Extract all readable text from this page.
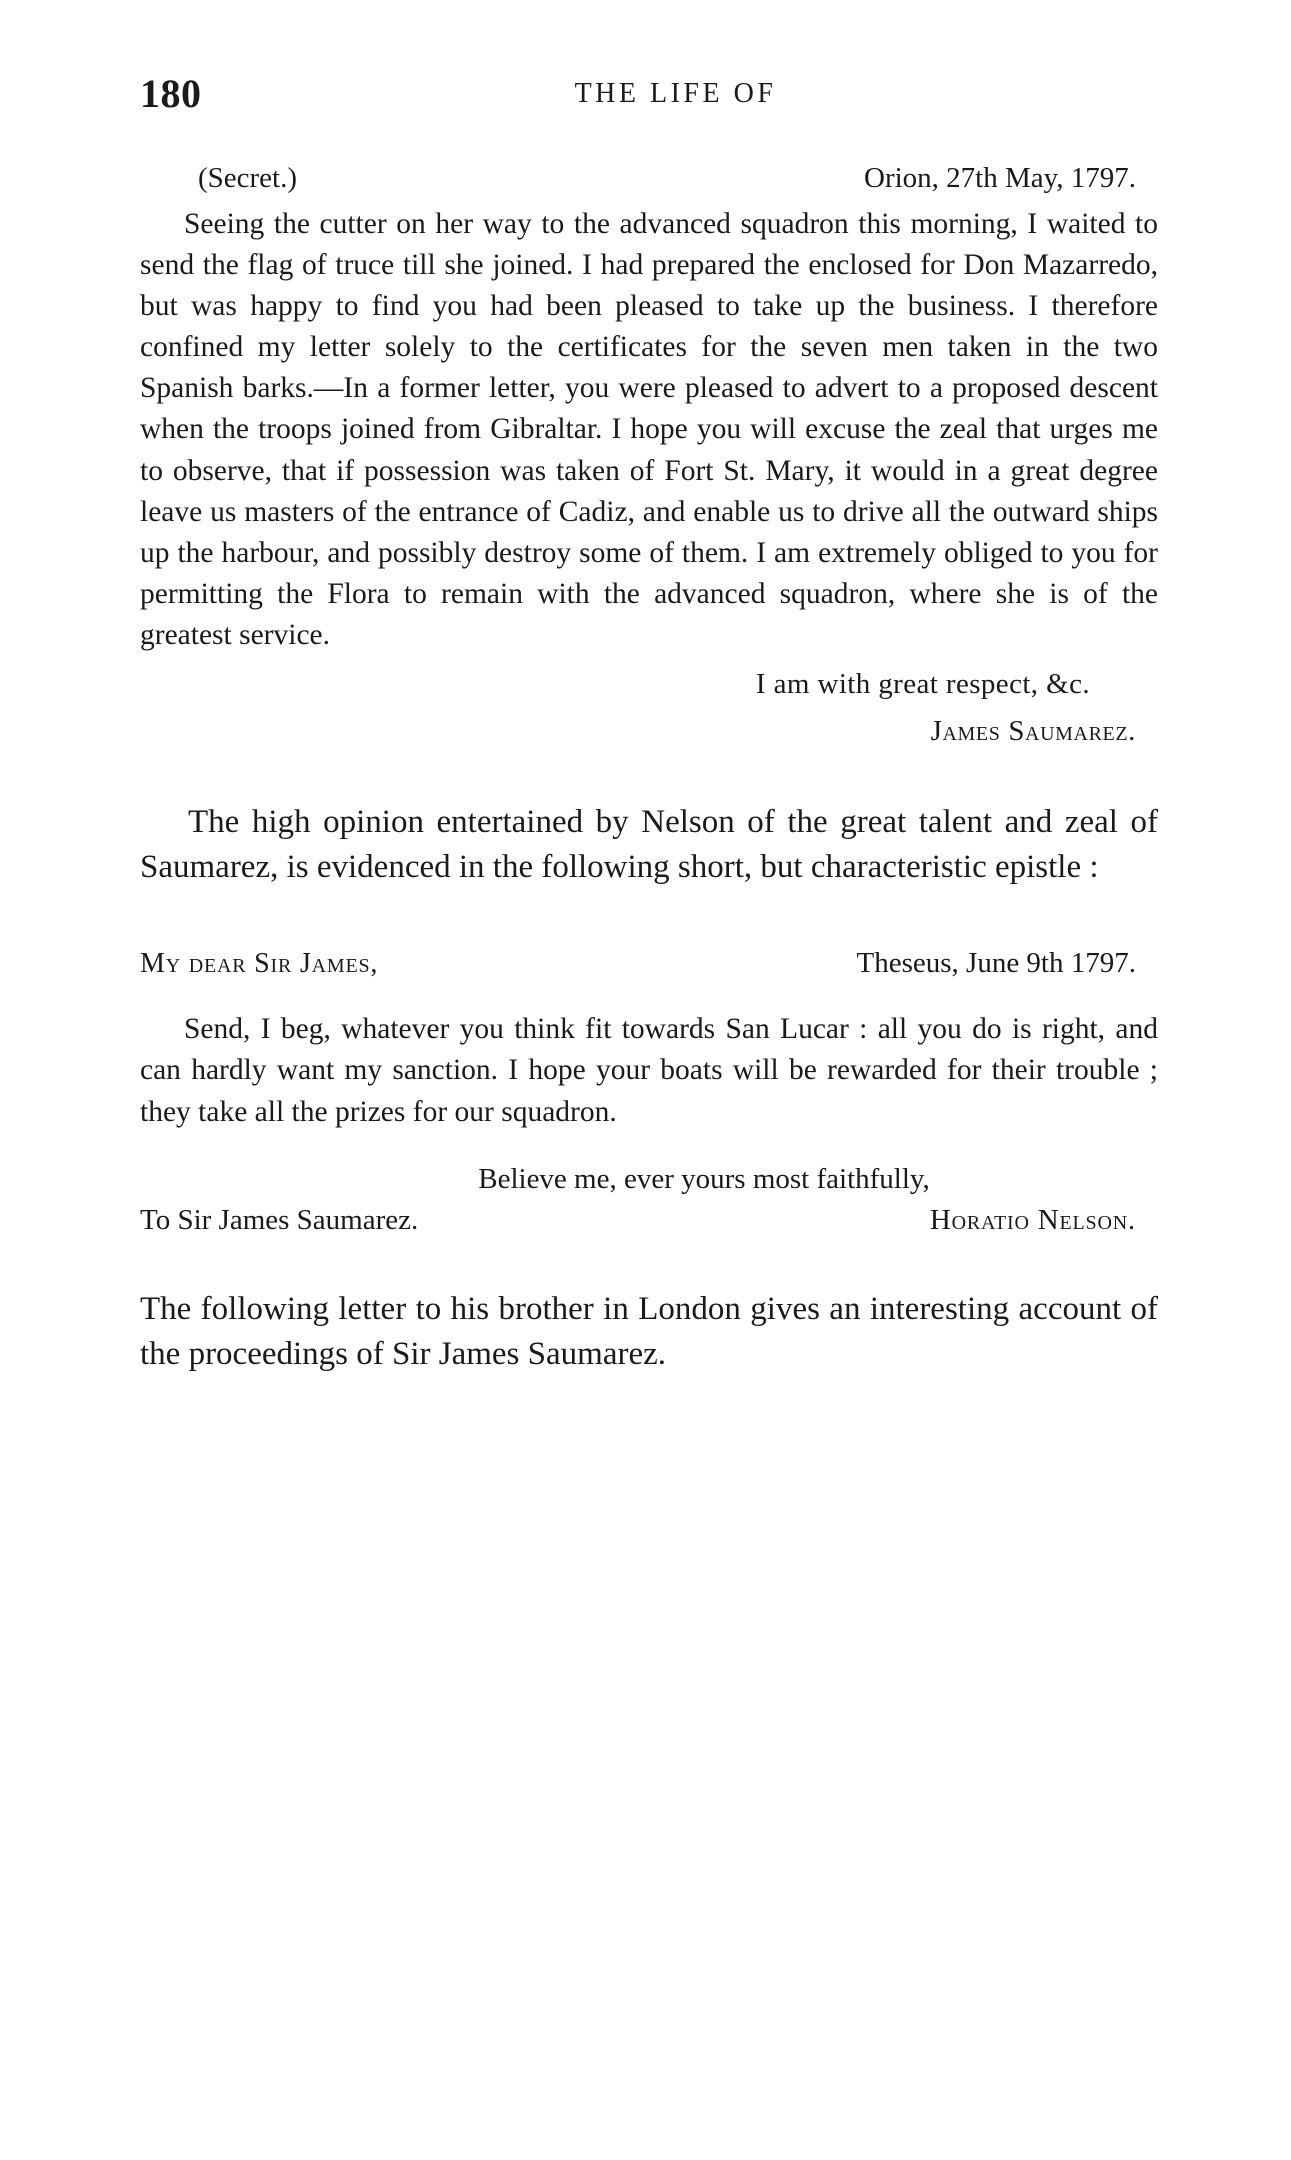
180	THE LIFE OF
(Secret.)	Orion, 27th May, 1797.

Seeing the cutter on her way to the advanced squadron this morning, I waited to send the flag of truce till she joined. I had prepared the enclosed for Don Mazarredo, but was happy to find you had been pleased to take up the business. I therefore confined my letter solely to the certificates for the seven men taken in the two Spanish barks.—In a former letter, you were pleased to advert to a proposed descent when the troops joined from Gibraltar. I hope you will excuse the zeal that urges me to observe, that if possession was taken of Fort St. Mary, it would in a great degree leave us masters of the entrance of Cadiz, and enable us to drive all the outward ships up the harbour, and possibly destroy some of them. I am extremely obliged to you for permitting the Flora to remain with the advanced squadron, where she is of the greatest service.

I am with great respect, &c.
James Saumarez.

The high opinion entertained by Nelson of the great talent and zeal of Saumarez, is evidenced in the following short, but characteristic epistle :

My dear Sir James,	Theseus, June 9th 1797.

Send, I beg, whatever you think fit towards San Lucar : all you do is right, and can hardly want my sanction. I hope your boats will be rewarded for their trouble ; they take all the prizes for our squadron.

Believe me, ever yours most faithfully,
To Sir James Saumarez.	Horatio Nelson.

The following letter to his brother in London gives an interesting account of the proceedings of Sir James Saumarez.
